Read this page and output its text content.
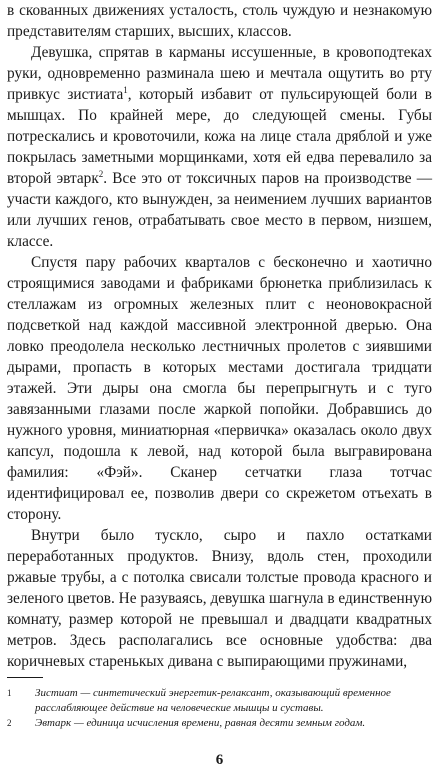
в скованных движениях усталость, столь чуждую и незнакомую представителям старших, высших, классов.

Девушка, спрятав в карманы иссушенные, в кровоподтеках руки, одновременно разминала шею и мечтала ощутить во рту привкус зистиата$^1$, который избавит от пульсирующей боли в мышцах. По крайней мере, до следующей смены. Губы потрескались и кровоточили, кожа на лице стала дряблой и уже покрылась заметными морщинками, хотя ей едва перевалило за второй эвтарк$^2$. Все это от токсичных паров на производстве — участи каждого, кто вынужден, за неимением лучших вариантов или лучших генов, отрабатывать свое место в первом, низшем, классе.

Спустя пару рабочих кварталов с бесконечно и хаотично строящимися заводами и фабриками брюнетка приблизилась к стеллажам из огромных железных плит с неоновокрасной подсветкой над каждой массивной электронной дверью. Она ловко преодолела несколько лестничных пролетов с зиявшими дырами, пропасть в которых местами достигала тридцати этажей. Эти дыры она смогла бы перепрыгнуть и с туго завязанными глазами после жаркой попойки. Добравшись до нужного уровня, миниатюрная «первичка» оказалась около двух капсул, подошла к левой, над которой была выгравирована фамилия: «Фэй». Сканер сетчатки глаза тотчас идентифицировал ее, позволив двери со скрежетом отъехать в сторону.

Внутри было тускло, сыро и пахло остатками переработанных продуктов. Внизу, вдоль стен, проходили ржавые трубы, а с потолка свисали толстые провода красного и зеленого цветов. Не разуваясь, девушка шагнула в единственную комнату, размер которой не превышал и двадцати квадратных метров. Здесь располагались все основные удобства: два коричневых старенькых дивана с выпирающими пружинами,

1	Зистиат — синтетический энергетик-релаксант, оказывающий временное расслабляющее действие на человеческие мышцы и суставы.
2	Эвтарк — единица исчисления времени, равная десяти земным годам.
6
